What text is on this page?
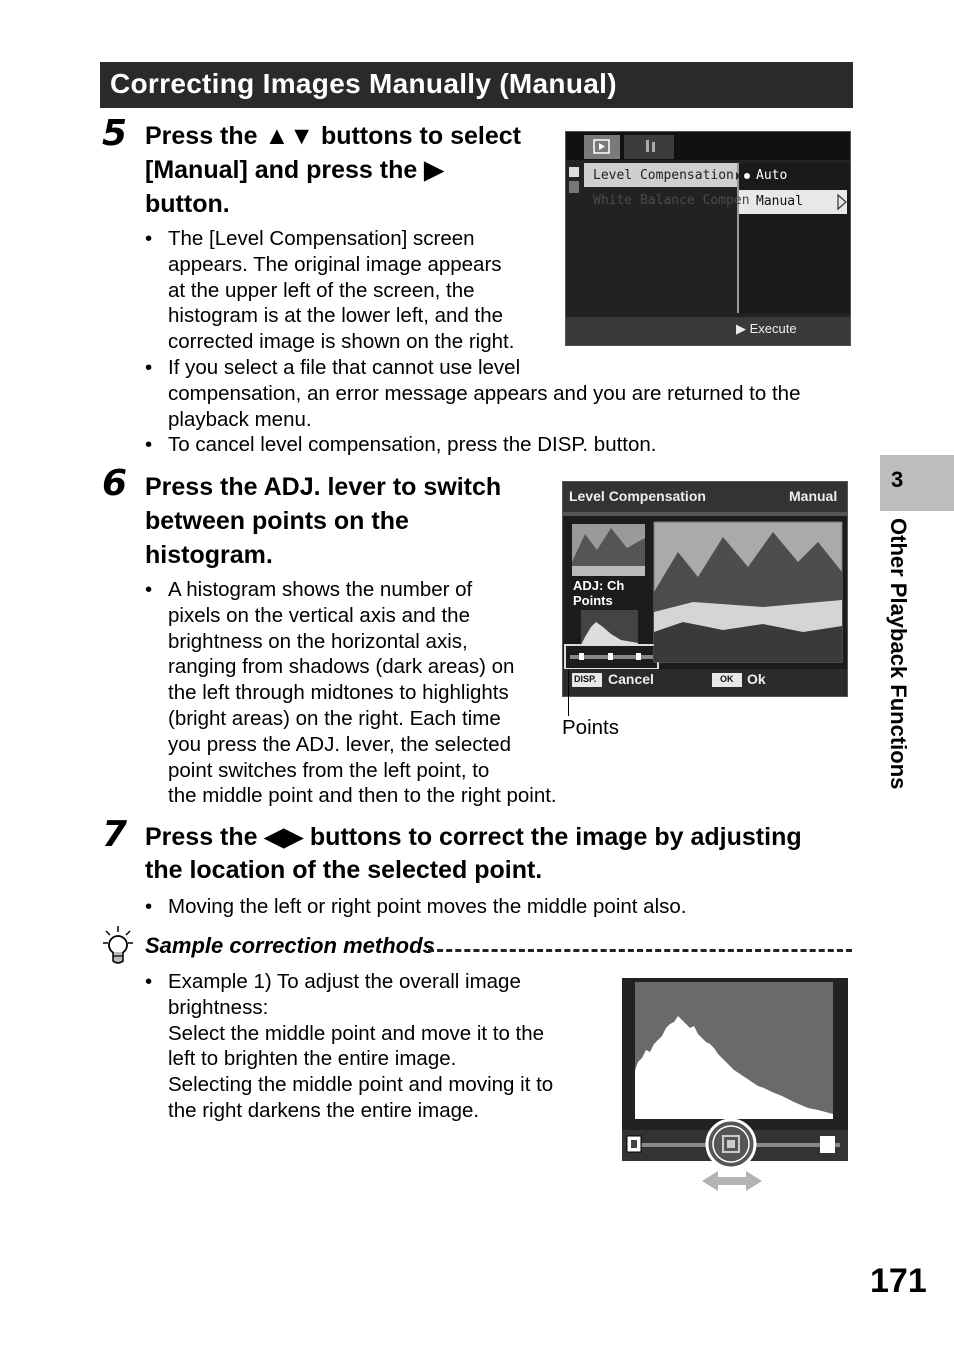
Correcting Images Manually (Manual)
5 Press the ▲▼ buttons to select
[Manual] and press the ▶
button.
• The [Level Compensation] screen
appears. The original image appears
at the upper left of the screen, the
histogram is at the lower left, and the
corrected image is shown on the right.
• If you select a file that cannot use level
compensation, an error message appears and you are returned to the
playback menu.
• To cancel level compensation, press the DISP. button.
Level Compensation
White Balance Compen
Auto
Manual
▶ Execute
6 Press the ADJ. lever to switch
between points on the
histogram.
• A histogram shows the number of
pixels on the vertical axis and the
brightness on the horizontal axis,
ranging from shadows (dark areas) on
the left through midtones to highlights
(bright areas) on the right. Each time
you press the ADJ. lever, the selected
point switches from the left point, to
the middle point and then to the right point.
Level Compensation	Manual
ADJ: Ch
Points
DISP. Cancel	OK Ok
Points
7 Press the ◀▶ buttons to correct the image by adjusting
the location of the selected point.
• Moving the left or right point moves the middle point also.
Sample correction methods
• Example 1) To adjust the overall image
brightness:
Select the middle point and move it to the
left to brighten the entire image.
Selecting the middle point and moving it to
the right darkens the entire image.
3
Other Playback Functions
171
